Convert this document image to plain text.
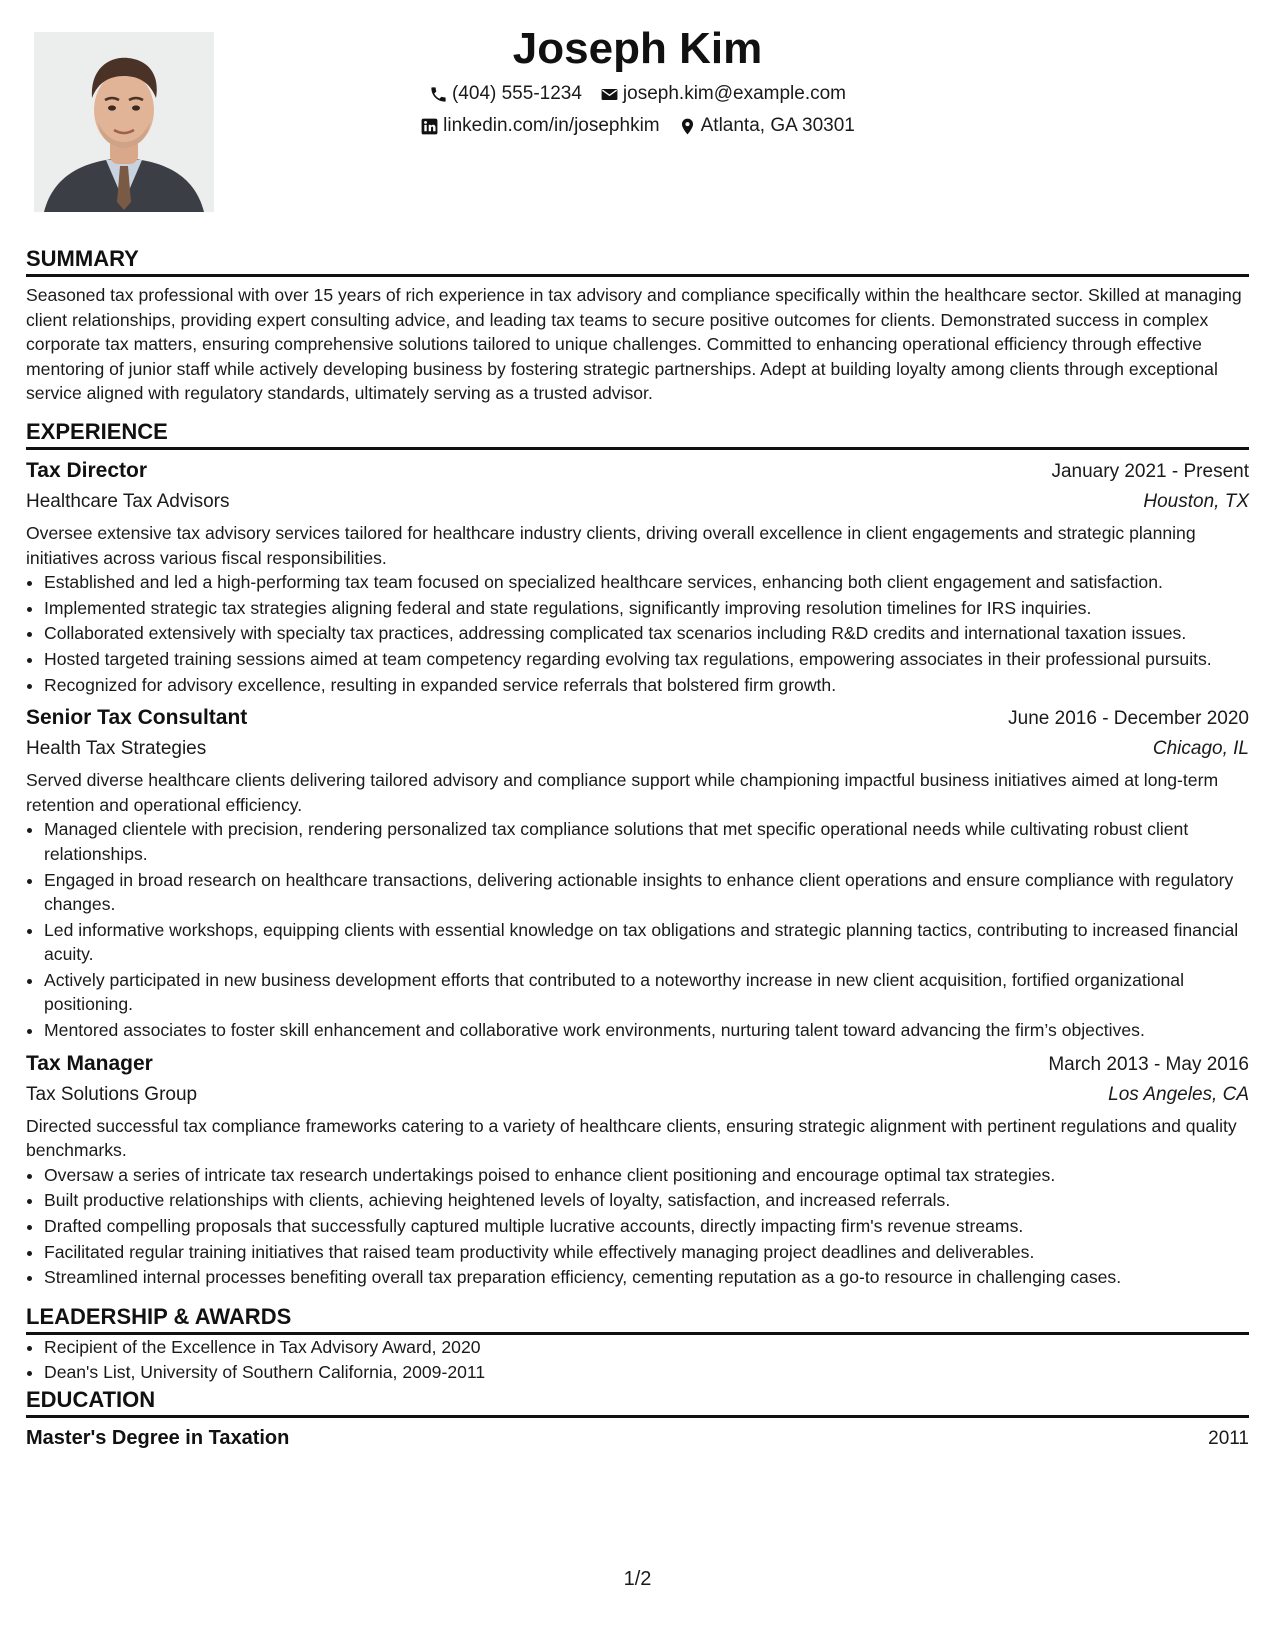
Joseph Kim
(404) 555-1234 joseph.kim@example.com
linkedin.com/in/josephkim Atlanta, GA 30301
SUMMARY

Seasoned tax professional with over 15 years of rich experience in tax advisory and compliance specifically within the healthcare sector. Skilled at managing client relationships, providing expert consulting advice, and leading tax teams to secure positive outcomes for clients. Demonstrated success in complex corporate tax matters, ensuring comprehensive solutions tailored to unique challenges. Committed to enhancing operational efficiency through effective mentoring of junior staff while actively developing business by fostering strategic partnerships. Adept at building loyalty among clients through exceptional service aligned with regulatory standards, ultimately serving as a trusted advisor.

EXPERIENCE
Tax Director	January 2021 - Present
Healthcare Tax Advisors	Houston, TX

Oversee extensive tax advisory services tailored for healthcare industry clients, driving overall excellence in client engagements and strategic planning initiatives across various fiscal responsibilities.

• Established and led a high-performing tax team focused on specialized healthcare services, enhancing both client engagement and satisfaction.
• Implemented strategic tax strategies aligning federal and state regulations, significantly improving resolution timelines for IRS inquiries.
• Collaborated extensively with specialty tax practices, addressing complicated tax scenarios including R&D credits and international taxation issues.
• Hosted targeted training sessions aimed at team competency regarding evolving tax regulations, empowering associates in their professional pursuits.
• Recognized for advisory excellence, resulting in expanded service referrals that bolstered firm growth.
Senior Tax Consultant	June 2016 - December 2020
Health Tax Strategies	Chicago, IL

Served diverse healthcare clients delivering tailored advisory and compliance support while championing impactful business initiatives aimed at long-term retention and operational efficiency.

• Managed clientele with precision, rendering personalized tax compliance solutions that met specific operational needs while cultivating robust client relationships.
• Engaged in broad research on healthcare transactions, delivering actionable insights to enhance client operations and ensure compliance with regulatory changes.
• Led informative workshops, equipping clients with essential knowledge on tax obligations and strategic planning tactics, contributing to increased financial acuity.
• Actively participated in new business development efforts that contributed to a noteworthy increase in new client acquisition, fortified organizational positioning.
• Mentored associates to foster skill enhancement and collaborative work environments, nurturing talent toward advancing the firm’s objectives.
Tax Manager	March 2013 - May 2016
Tax Solutions Group	Los Angeles, CA

Directed successful tax compliance frameworks catering to a variety of healthcare clients, ensuring strategic alignment with pertinent regulations and quality benchmarks.

• Oversaw a series of intricate tax research undertakings poised to enhance client positioning and encourage optimal tax strategies.
• Built productive relationships with clients, achieving heightened levels of loyalty, satisfaction, and increased referrals.
• Drafted compelling proposals that successfully captured multiple lucrative accounts, directly impacting firm's revenue streams.
• Facilitated regular training initiatives that raised team productivity while effectively managing project deadlines and deliverables.
• Streamlined internal processes benefiting overall tax preparation efficiency, cementing reputation as a go-to resource in challenging cases.
LEADERSHIP & AWARDS
• Recipient of the Excellence in Tax Advisory Award, 2020
• Dean's List, University of Southern California, 2009-2011
EDUCATION
Master's Degree in Taxation	2011
1/2
